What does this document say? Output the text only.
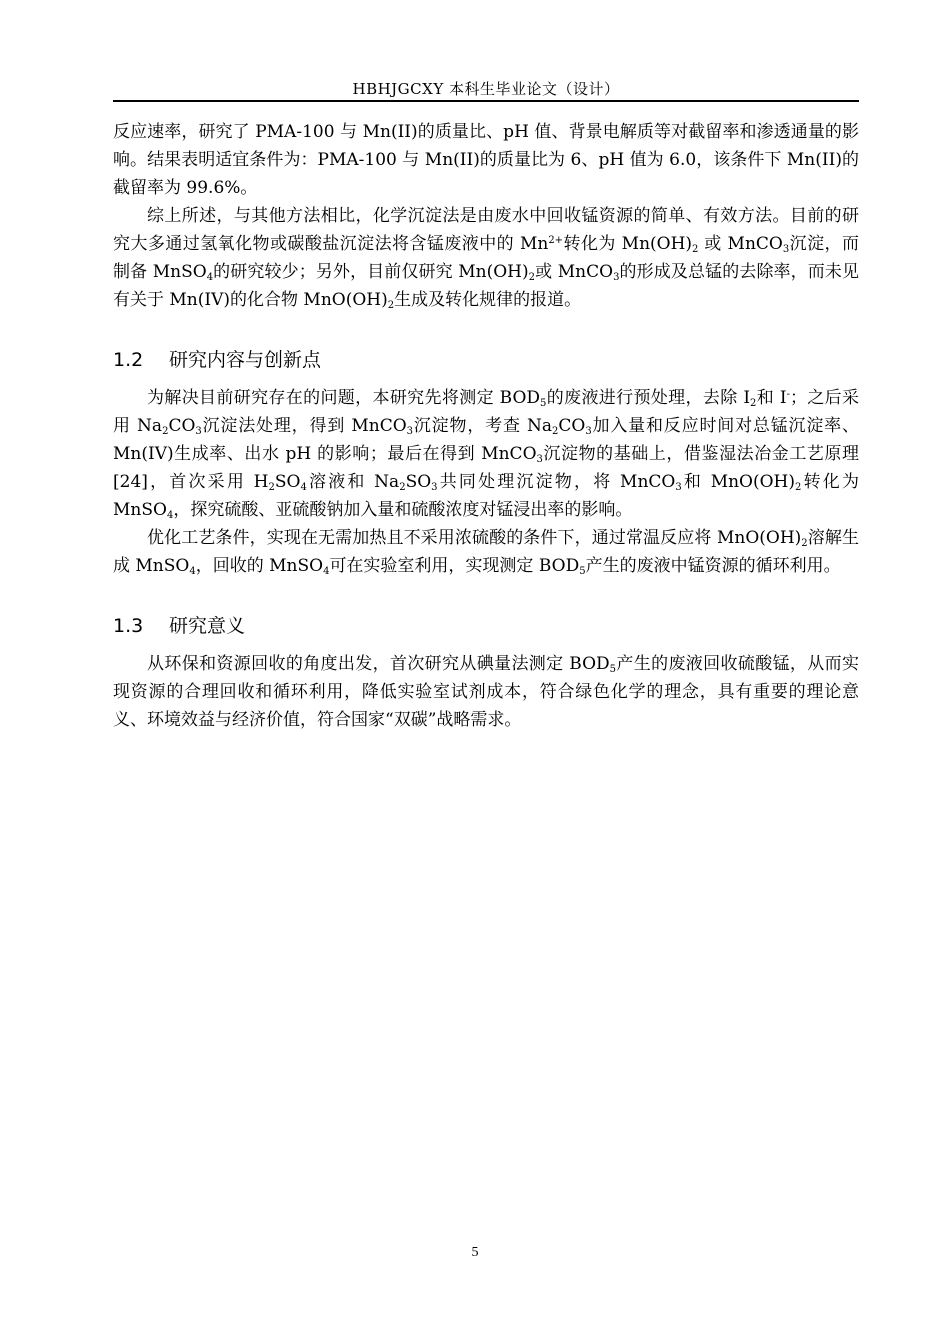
HBHJGCXY 本科生毕业论文（设计）

反应速率，研究了 PMA-100 与 Mn(II)的质量比、pH 值、背景电解质等对截留率和渗透通量的影响。结果表明适宜条件为：PMA-100 与 Mn(II)的质量比为 6、pH 值为 6.0，该条件下 Mn(II)的截留率为 99.6%。

综上所述，与其他方法相比，化学沉淀法是由废水中回收锰资源的简单、有效方法。目前的研究大多通过氢氧化物或碳酸盐沉淀法将含锰废液中的 $Mn^{2+}$转化为 $Mn(OH)_2$ 或 MnCO$_3$沉淀，而制备 MnSO$_4$的研究较少；另外，目前仅研究 $Mn(OH)_2$或 MnCO$_3$的形成及总锰的去除率，而未见有关于 Mn(IV)的化合物 $MnO(OH)_2$生成及转化规律的报道。

1.2 研究内容与创新点

为解决目前研究存在的问题，本研究先将测定 $BOD_5$的废液进行预处理，去除 $I_2$和 I-；之后采用 $Na_2CO_3$沉淀法处理，得到 MnCO$_3$沉淀物，考查 $Na_2CO_3$加入量和反应时间对总锰沉淀率、Mn(IV)生成率、出水 pH 的影响；最后在得到 MnCO$_3$沉淀物的基础上，借鉴湿法冶金工艺原理[24]，首次采用 $H_2SO_4$溶液和 $Na_2SO_3$共同处理沉淀物，将 MnCO$_3$和 $MnO(OH)_2$转化为 MnSO$_4$，探究硫酸、亚硫酸钠加入量和硫酸浓度对锰浸出率的影响。

优化工艺条件，实现在无需加热且不采用浓硫酸的条件下，通过常温反应将 $MnO(OH)_2$溶解生成 MnSO$_4$，回收的 MnSO$_4$可在实验室利用，实现测定 $BOD_5$产生的废液中锰资源的循环利用。

1.3 研究意义

从环保和资源回收的角度出发，首次研究从碘量法测定 $BOD_5$产生的废液回收硫酸锰，从而实现资源的合理回收和循环利用，降低实验室试剂成本，符合绿色化学的理念，具有重要的理论意义、环境效益与经济价值，符合国家“双碳”战略需求。

5
